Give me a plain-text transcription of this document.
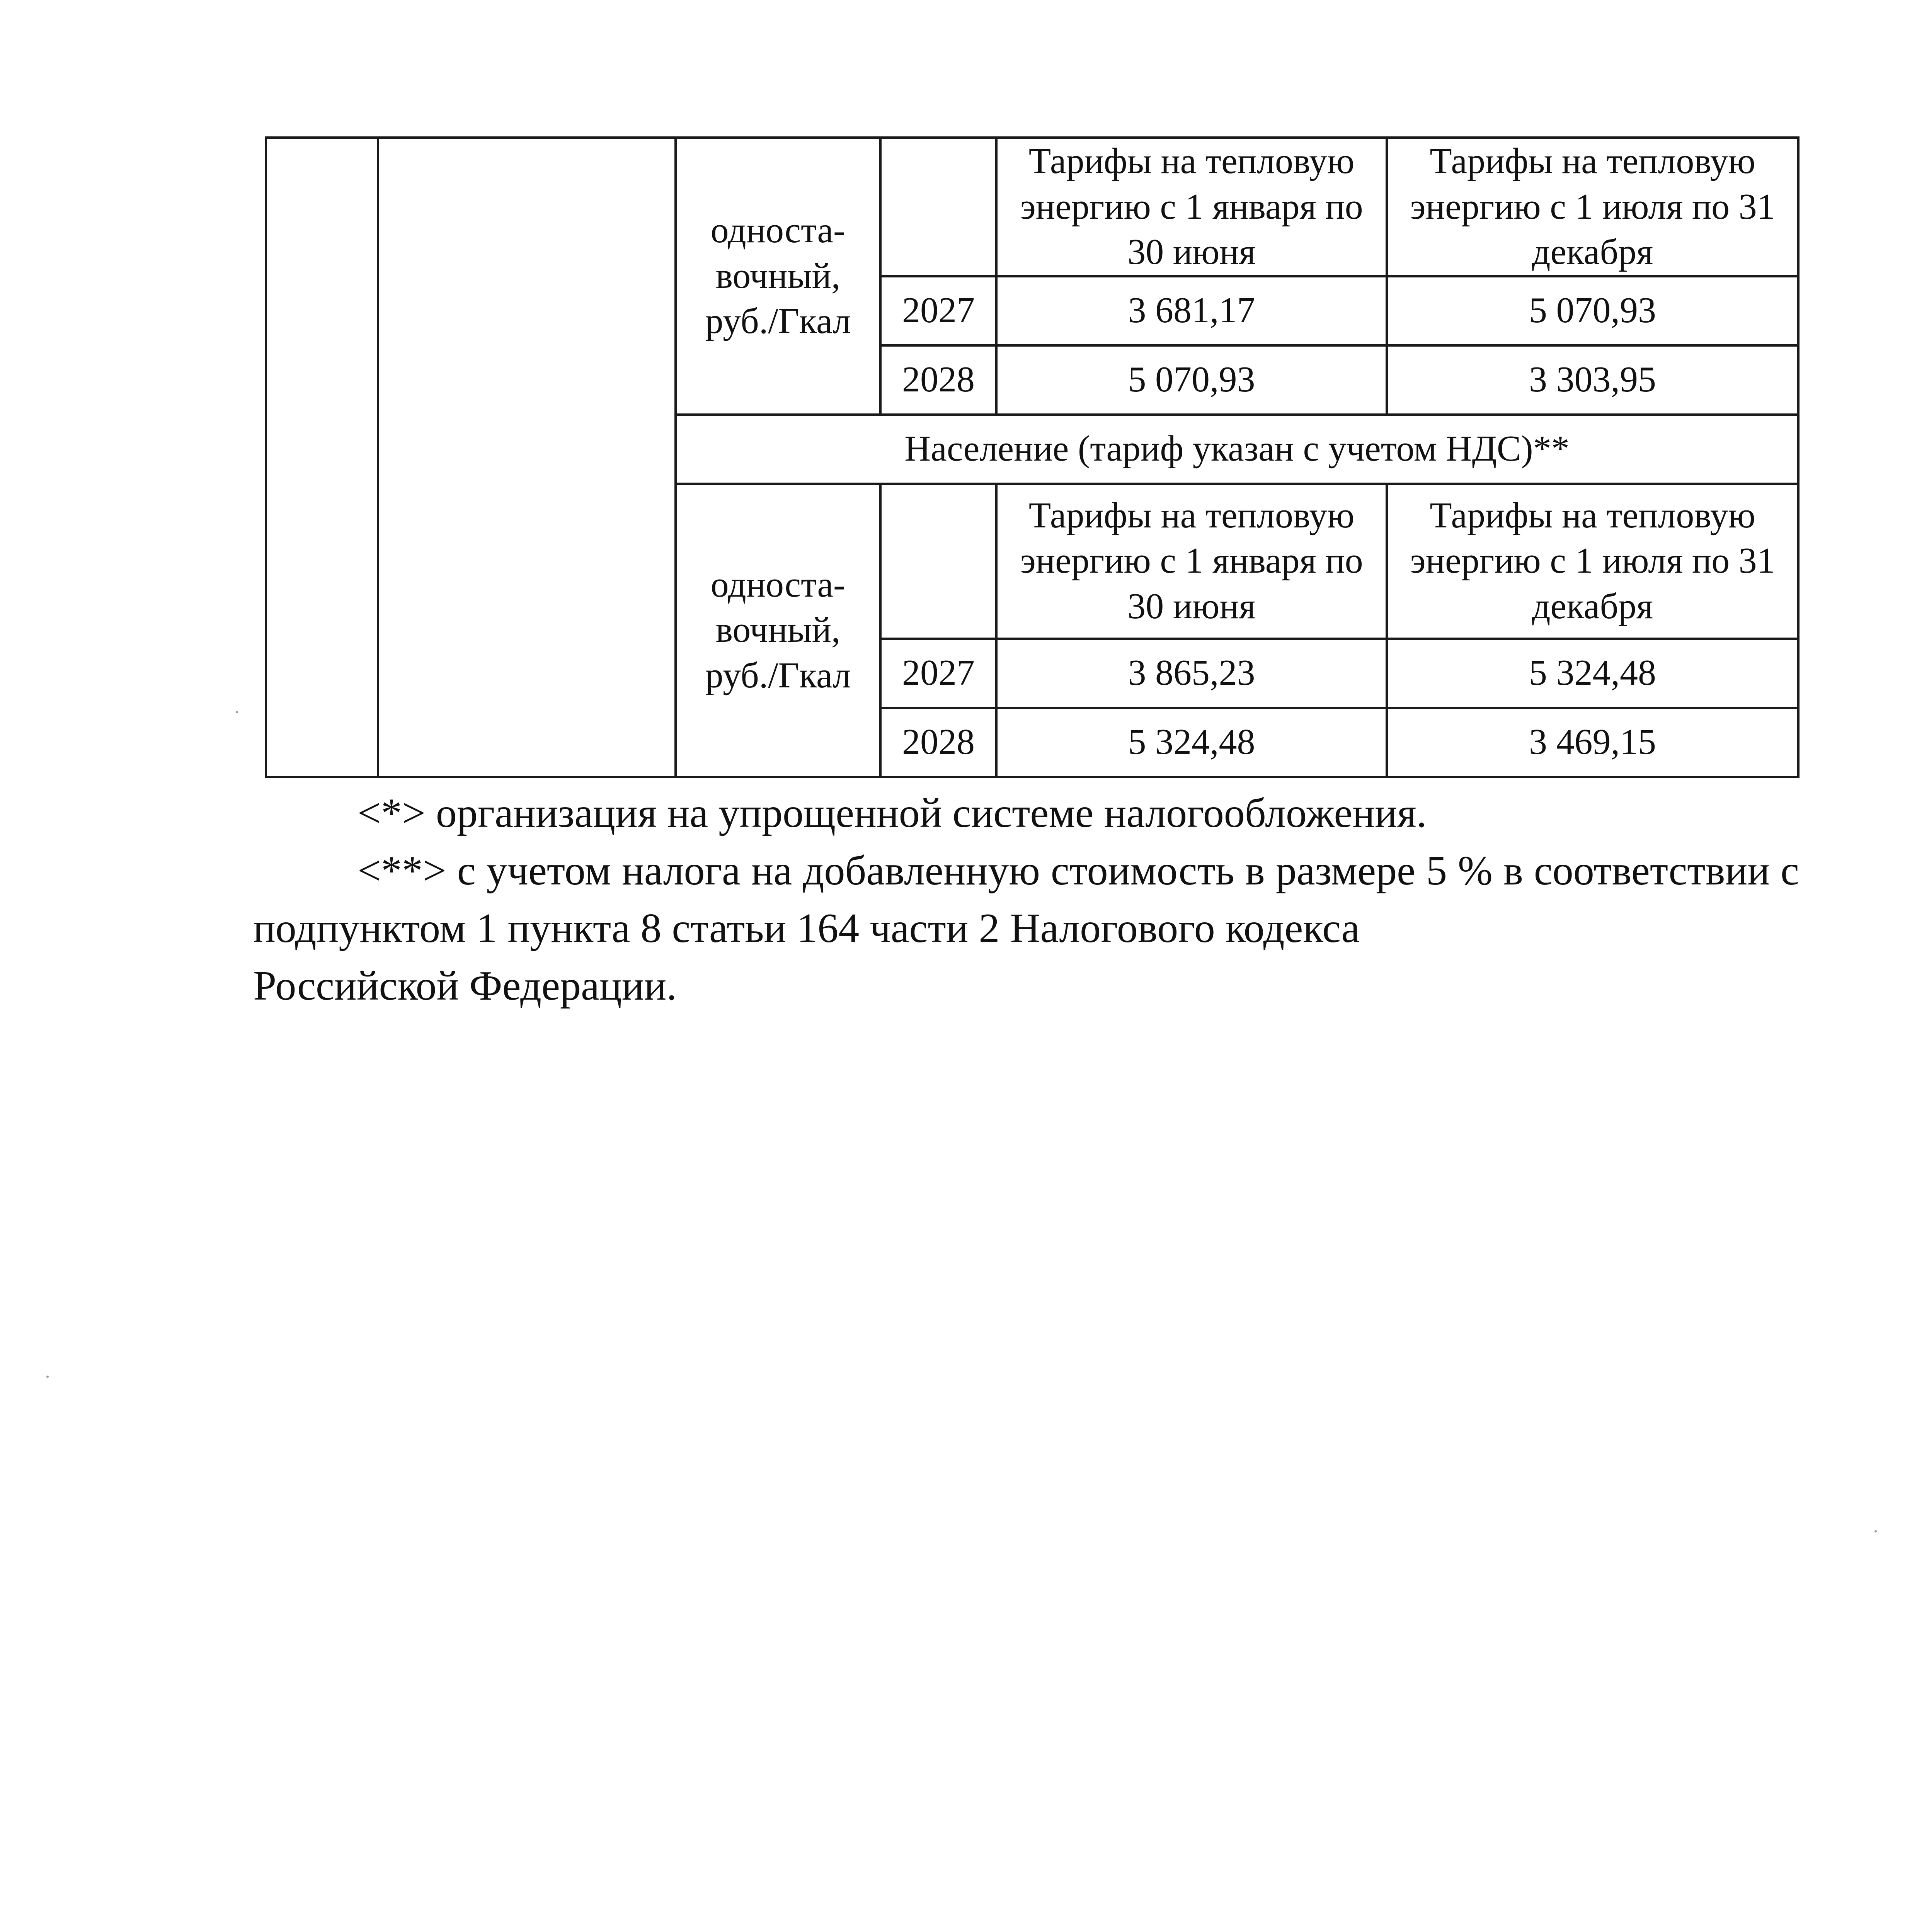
		односта-
вочный,
руб./Гкал		Тарифы на тепловую энергию с 1 января по 30 июня	Тарифы на тепловую энергию с 1 июля по 31 декабря
			2027	3 681,17	5 070,93
			2028	5 070,93	3 303,95
		Население (тариф указан с учетом НДС)**			
		односта-
вочный,
руб./Гкал		Тарифы на тепловую энергию с 1 января по 30 июня	Тарифы на тепловую энергию с 1 июля по 31 декабря
			2027	3 865,23	5 324,48
			2028	5 324,48	3 469,15

<*> организация на упрощенной системе налогообложения.

<**> с учетом налога на добавленную стоимость в размере 5 % в соответствии с подпунктом 1 пункта 8 статьи 164 части 2 Налогового кодекса
Российской Федерации.
